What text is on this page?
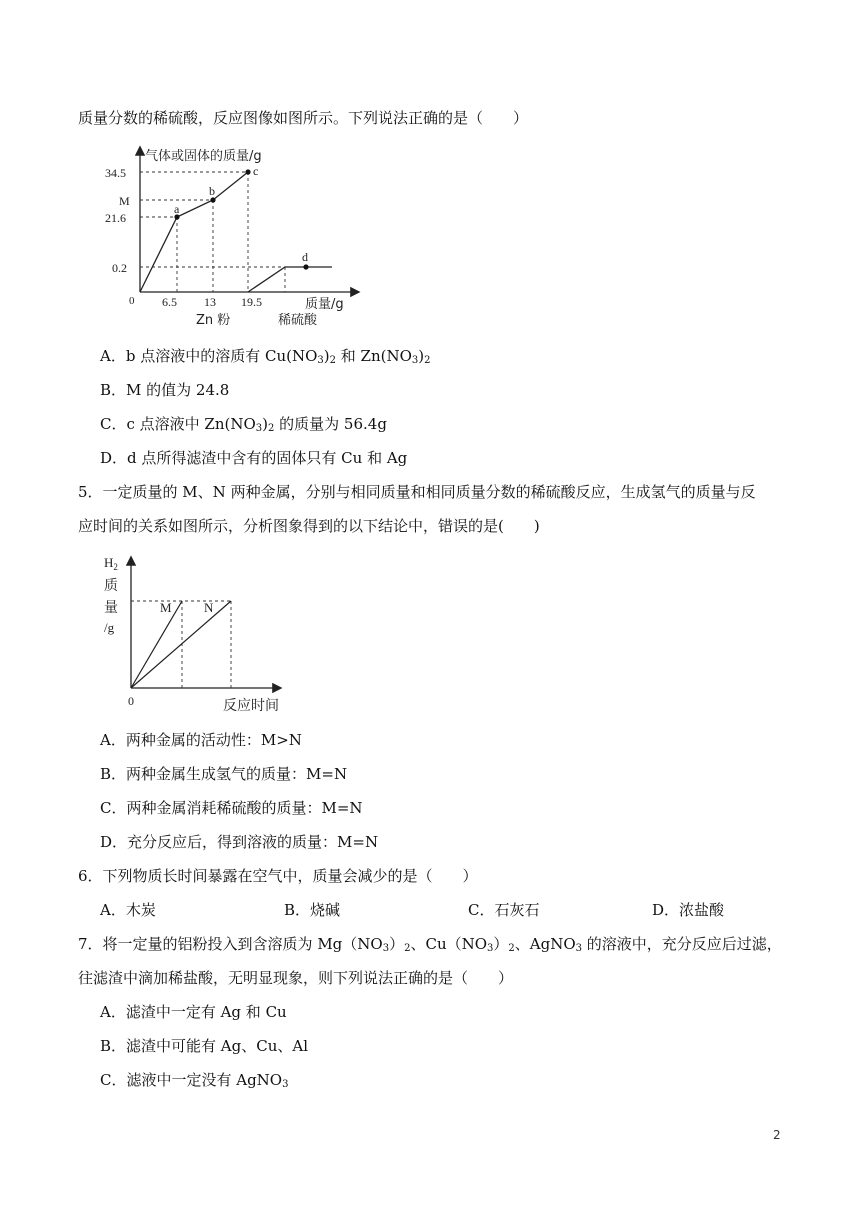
质量分数的稀硫酸，反应图像如图所示。下列说法正确的是（　　）
气体或固体的质量/g
质量/g
0
34.5
M
21.6
0.2
6.5 13 19.5
Zn 粉	稀硫酸
a
b
c
d
A．b 点溶液中的溶质有 $Cu(NO_3)_2$ 和 $Zn(NO_3)_2$
B．M 的值为 24.8
C．c 点溶液中 $Zn(NO_3)_2$ 的质量为 56.4g
D．d 点所得滤渣中含有的固体只有 Cu 和 Ag
5．一定质量的 M、N 两种金属，分别与相同质量和相同质量分数的稀硫酸反应，生成氢气的质量与反
应时间的关系如图所示，分析图象得到的以下结论中，错误的是(　　)
$H_2$
质
量
/g
0	反应时间
M N
A．两种金属的活动性：M>N
B．两种金属生成氢气的质量：M=N
C．两种金属消耗稀硫酸的质量：M=N
D．充分反应后，得到溶液的质量：M=N
6．下列物质长时间暴露在空气中，质量会减少的是（　　）
A．木炭	B．烧碱	C．石灰石	D．浓盐酸
7．将一定量的铝粉投入到含溶质为 $Mg(NO_3)_2$、$Cu(NO_3)_2$、AgNO$_3$ 的溶液中，充分反应后过滤，
往滤渣中滴加稀盐酸，无明显现象，则下列说法正确的是（　　）
A．滤渣中一定有 Ag 和 Cu
B．滤渣中可能有 Ag、Cu、Al
C．滤液中一定没有 AgNO$_3$
2
